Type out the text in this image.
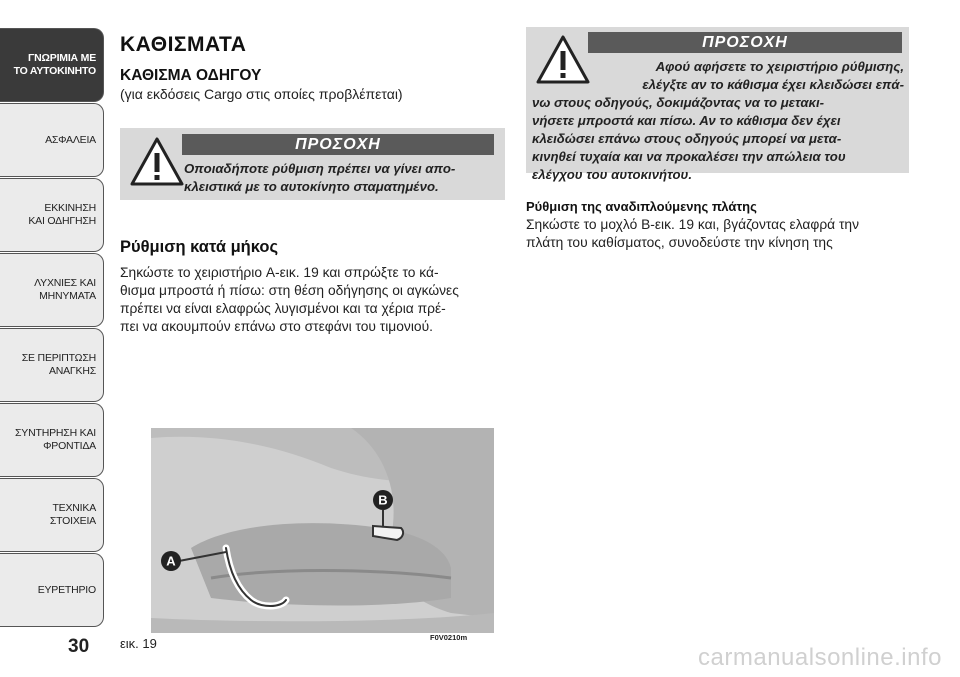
ΓΝΩΡΙΜΙΑ ΜΕ
ΤΟ ΑΥΤΟΚΙΝΗΤΟ
ΑΣΦΑΛΕΙΑ
ΕΚΚΙΝΗΣΗ
ΚΑΙ ΟΔΗΓΗΣΗ
ΛΥΧΝΙΕΣ ΚΑΙ
ΜΗΝΥΜΑΤΑ
ΣΕ ΠΕΡΙΠΤΩΣΗ
ΑΝΑΓΚΗΣ
ΣΥΝΤΗΡΗΣΗ ΚΑΙ
ΦΡΟΝΤΙΔΑ
ΤΕΧΝΙΚΑ
ΣΤΟΙΧΕΙΑ
ΕΥΡΕΤΗΡΙΟ
30
ΚΑΘΙΣΜΑΤΑ
ΚΑΘΙΣΜΑ ΟΔΗΓΟΥ
(για εκδόσεις Cargo στις οποίες προβλέπεται)
ΠΡΟΣΟΧΗ
Οποιαδήποτε ρύθμιση πρέπει να γίνει απο-
κλειστικά με το αυτοκίνητο σταματημένο.
Ρύθμιση κατά μήκος
Σηκώστε το χειριστήριο A-εικ. 19 και σπρώξτε το κά-
θισμα μπροστά ή πίσω: στη θέση οδήγησης οι αγκώνες
πρέπει να είναι ελαφρώς λυγισμένοι και τα χέρια πρέ-
πει να ακουμπούν επάνω στο στεφάνι του τιμονιού.
A
B
εικ. 19	F0V0210m
ΠΡΟΣΟΧΗ
Αφού αφήσετε το χειριστήριο ρύθμισης,
ελέγξτε αν το κάθισμα έχει κλειδώσει επά-
νω στους οδηγούς, δοκιμάζοντας να το μετακι-
νήσετε μπροστά και πίσω. Αν το κάθισμα δεν έχει
κλειδώσει επάνω στους οδηγούς μπορεί να μετα-
κινηθεί τυχαία και να προκαλέσει την απώλεια του
ελέγχου του αυτοκινήτου.
Ρύθμιση της αναδιπλούμενης πλάτης
Σηκώστε το μοχλό B-εικ. 19 και, βγάζοντας ελαφρά την
πλάτη του καθίσματος, συνοδεύστε την κίνηση της
carmanualsonline.info
